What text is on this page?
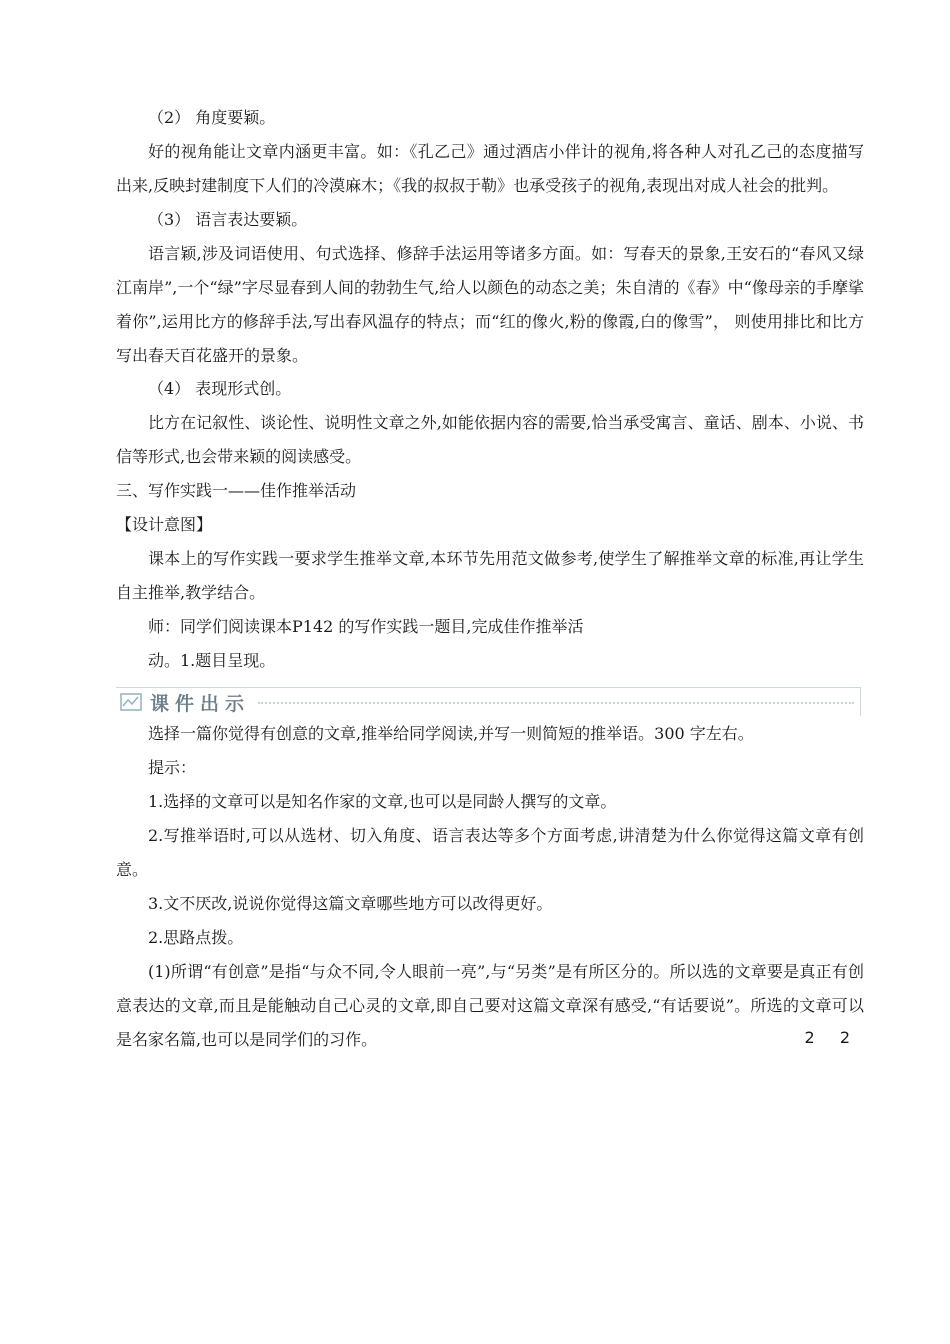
（2） 角度要颖。

好的视角能让文章内涵更丰富。如：《孔乙己》通过酒店小伴计的视角,将各种人对孔乙己的态度描写出来,反映封建制度下人们的冷漠麻木；《我的叔叔于勒》也承受孩子的视角,表现出对成人社会的批判。

（3） 语言表达要颖。

语言颖,涉及词语使用、句式选择、修辞手法运用等诸多方面。如：写春天的景象,王安石的“春风又绿江南岸”,一个“绿”字尽显春到人间的勃勃生气,给人以颜色的动态之美；朱自清的《春》中“像母亲的手摩挲着你”,运用比方的修辞手法,写出春风温存的特点；而“红的像火,粉的像霞,白的像雪”， 则使用排比和比方写出春天百花盛开的景象。

（4） 表现形式创。

比方在记叙性、谈论性、说明性文章之外,如能依据内容的需要,恰当承受寓言、童话、剧本、小说、书信等形式,也会带来颖的阅读感受。

三、写作实践一——佳作推举活动

【设计意图】

课本上的写作实践一要求学生推举文章,本环节先用范文做参考,使学生了解推举文章的标准,再让学生自主推举,教学结合。

师：同学们阅读课本P142 的写作实践一题目,完成佳作推举活

动。1.题目呈现。

课件出示

选择一篇你觉得有创意的文章,推举给同学阅读,并写一则简短的推举语。300 字左右。

提示：

1.选择的文章可以是知名作家的文章,也可以是同龄人撰写的文章。

2.写推举语时,可以从选材、切入角度、语言表达等多个方面考虑,讲清楚为什么你觉得这篇文章有创意。

3.文不厌改,说说你觉得这篇文章哪些地方可以改得更好。

2.思路点拨。

(1)所谓“有创意”是指“与众不同,令人眼前一亮”,与“另类”是有所区分的。所以选的文章要是真正有创意表达的文章,而且是能触动自己心灵的文章,即自己要对这篇文章深有感受,“有话要说”。所选的文章可以是名家名篇,也可以是同学们的习作。	2 2
